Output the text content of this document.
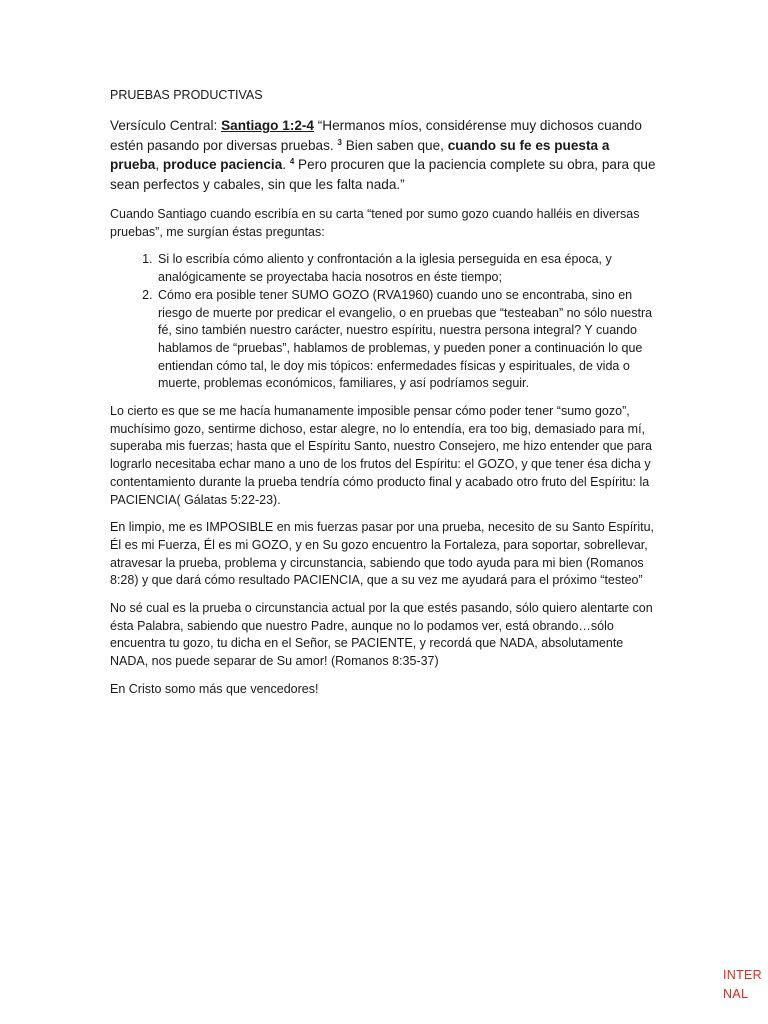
PRUEBAS PRODUCTIVAS
Versículo Central: Santiago 1:2-4 “Hermanos míos, considérense muy dichosos cuando estén pasando por diversas pruebas. $^3$ Bien saben que, cuando su fe es puesta a prueba, produce paciencia. $^4$ Pero procuren que la paciencia complete su obra, para que sean perfectos y cabales, sin que les falta nada.”

Cuando Santiago cuando escribía en su carta “tened por sumo gozo cuando halléis en diversas pruebas”, me surgían éstas preguntas:

1. Si lo escribía cómo aliento y confrontación a la iglesia perseguida en esa época, y analógicamente se proyectaba hacia nosotros en éste tiempo;
2. Cómo era posible tener SUMO GOZO (RVA1960) cuando uno se encontraba, sino en riesgo de muerte por predicar el evangelio, o en pruebas que “testeaban” no sólo nuestra fé, sino también nuestro carácter, nuestro espíritu, nuestra persona integral? Y cuando hablamos de “pruebas”, hablamos de problemas, y pueden poner a continuación lo que entiendan cómo tal, le doy mis tópicos: enfermedades físicas y espirituales, de vida o muerte, problemas económicos, familiares, y así podríamos seguir.

Lo cierto es que se me hacía humanamente imposible pensar cómo poder tener “sumo gozo”, muchísimo gozo, sentirme dichoso, estar alegre, no lo entendía, era too big, demasiado para mí, superaba mis fuerzas; hasta que el Espíritu Santo, nuestro Consejero, me hizo entender que para lograrlo necesitaba echar mano a uno de los frutos del Espíritu: el GOZO, y que tener ésa dicha y contentamiento durante la prueba tendría cómo producto final y acabado otro fruto del Espíritu: la PACIENCIA( Gálatas 5:22-23).

En limpio, me es IMPOSIBLE en mis fuerzas pasar por una prueba, necesito de su Santo Espíritu, Él es mi Fuerza, Él es mi GOZO, y en Su gozo encuentro la Fortaleza, para soportar, sobrellevar, atravesar la prueba, problema y circunstancia, sabiendo que todo ayuda para mi bien (Romanos 8:28) y que dará cómo resultado PACIENCIA, que a su vez me ayudará para el próximo “testeo”

No sé cual es la prueba o circunstancia actual por la que estés pasando, sólo quiero alentarte con ésta Palabra, sabiendo que nuestro Padre, aunque no lo podamos ver, está obrando…sólo encuentra tu gozo, tu dicha en el Señor, se PACIENTE, y recordá que NADA, absolutamente NADA, nos puede separar de Su amor! (Romanos 8:35-37)

En Cristo somo más que vencedores!

INTER
NAL
